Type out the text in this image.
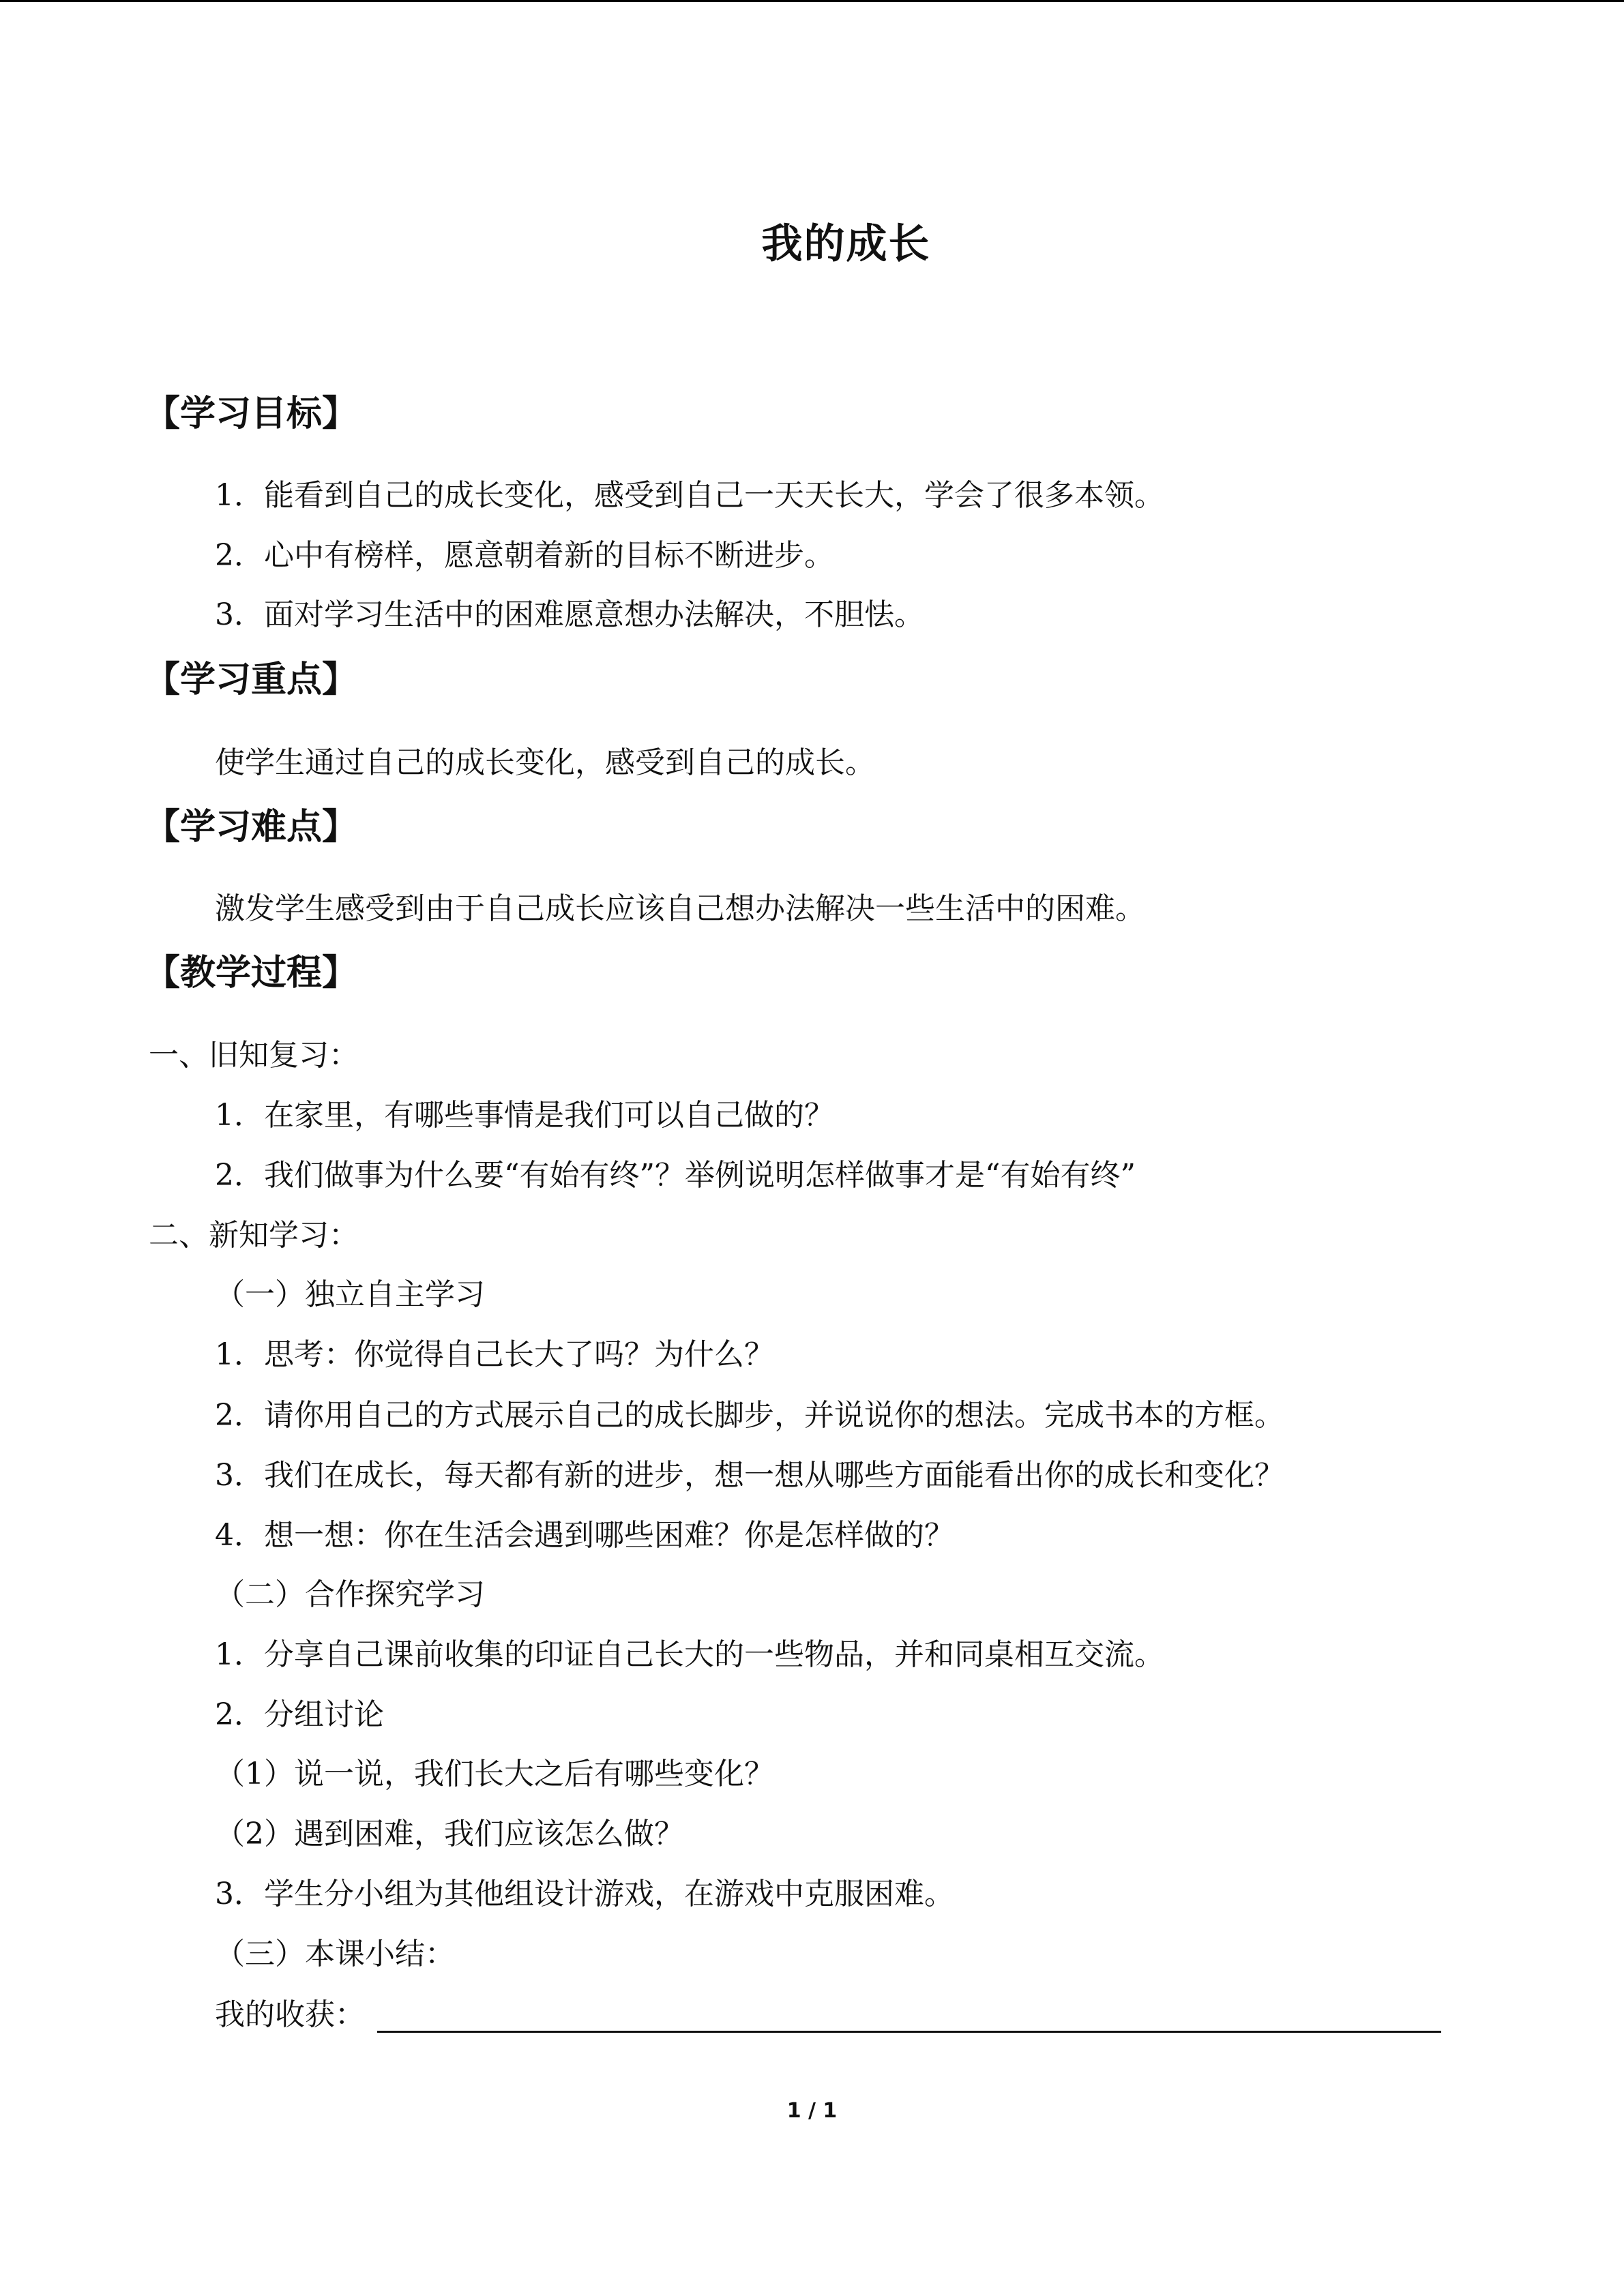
我的成长
【学习目标】
1．能看到自己的成长变化，感受到自己一天天长大，学会了很多本领。
2．心中有榜样，愿意朝着新的目标不断进步。
3．面对学习生活中的困难愿意想办法解决，不胆怯。
【学习重点】
使学生通过自己的成长变化，感受到自己的成长。
【学习难点】
激发学生感受到由于自己成长应该自己想办法解决一些生活中的困难。
【教学过程】
一、旧知复习：
1．在家里，有哪些事情是我们可以自己做的？
2．我们做事为什么要“有始有终”？举例说明怎样做事才是“有始有终”
二、新知学习：
（一）独立自主学习
1．思考：你觉得自己长大了吗？为什么？
2．请你用自己的方式展示自己的成长脚步，并说说你的想法。完成书本的方框。
3．我们在成长，每天都有新的进步，想一想从哪些方面能看出你的成长和变化？
4．想一想：你在生活会遇到哪些困难？你是怎样做的？
（二）合作探究学习
1．分享自己课前收集的印证自己长大的一些物品，并和同桌相互交流。
2．分组讨论
（1）说一说，我们长大之后有哪些变化？
（2）遇到困难，我们应该怎么做？
3．学生分小组为其他组设计游戏，在游戏中克服困难。
（三）本课小结：
我的收获：
1 / 1
